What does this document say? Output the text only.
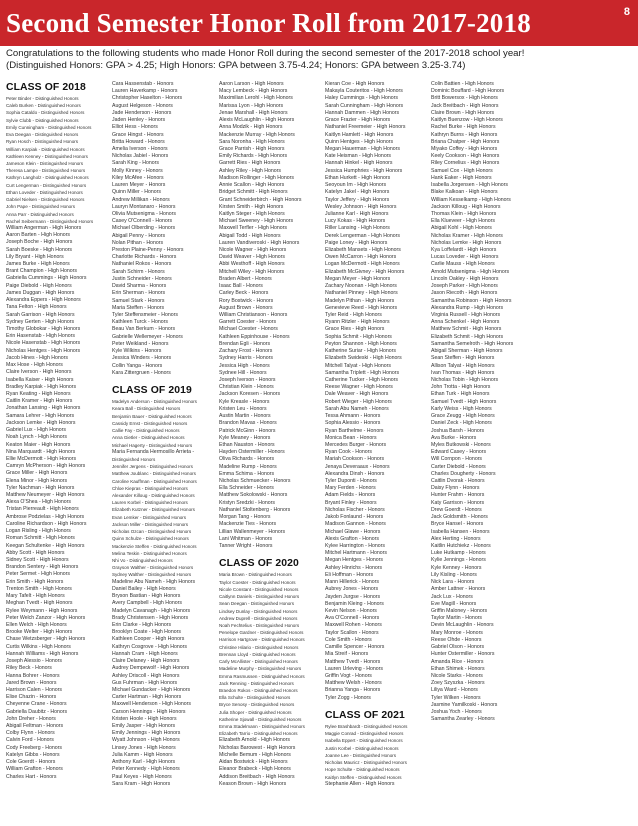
Second Semester Honor Roll from 2017-2018	8

Congratulations to the following students who made Honor Roll during the second semester of the 2017-2018 school year!

(Distinguished Honors: GPA > 4.25; High Honors: GPA between 3.75-4.24; Honors: GPA between 3.25-3.74)

CLASS OF 2018
Peter Binder - Distinguished Honors
Caleb Burken - Distinguished Honors
Sophia Cataldo - Distinguished Honors
Sylvie Clubb - Distinguished Honors
Emily Cunningham - Distinguished Honors
Eva Deegan - Distinguished Honors
Ryan Hosch - Distinguished Honors
William Karpiak - Distinguished Honors
Kathleen Kenney - Distinguished Honors
Jameson Klein - Distinguished Honors
Theresa Lampe - Distinguished Honors
Kathryn Langholz - Distinguished Honors
Curt Lengerman - Distinguished Honors
Ethan Loveder - Distinguished Honors
Gabriel Nielsen - Distinguished Honors
John Pape - Distinguished Honors
Anna Parr - Distinguished Honors
Rachel Seibermann - Distinguished Honors
William Angerman - High Honors
Aaron Barten - High Honors
Joseph Boche - High Honors
Sarah Boeske - High Honors
Lily Bryant - High Honors
James Burke - High Honors
Brant Champion - High Honors
Gabriella Cummings - High Honors
Paige Diebold - High Honors
James Duggan - High Honors
Alexandra Eppers - High Honors
Tana Felton - High Honors
Sarah Garrison - High Honors
Sydney Gerten - High Honors
Timothy Globokar - High Honors
Erin Hasenstab - High Honors
Nicole Hasenstab - High Honors
Nicholas Hentges - High Honors
Jacob Hines - High Honors
Max Hose - High Honors
Claire Iverson - High Honors
Isabella Kaiser - High Honors
Bradley Karpiak - High Honors
Ryan Keating - High Honors
Caitlin Kramer - High Honors
Jonathan Lansing - High Honors
Samara Lehrer - High Honors
Jackson Lemke - High Honors
Gabriel Lux - High Honors
Noah Lynch - High Honors
Keaton Maier - High Honors
Nina Marquardt - High Honors
Ellie McDermott - High Honors
Camryn McPherson - High Honors
Grace Miller - High Honors
Elena Minor - High Honors
Tyler Nachman - High Honors
Matthew Neumeyer - High Honors
Alexa O'Shea - High Honors
Tristan Pierreault - High Honors
Ambrose Podzielas - High Honors
Caroline Richardson - High Honors
Logan Risling - High Honors
Roman Schmitt - High Honors
Keegan Schultenke - High Honors
Abby Scott - High Honors
Sidney Scott - High Honors
Brandon Sentery - High Honors
Peter Sermet - High Honors
Erin Smith - High Honors
Trenton Smith - High Honors
Mary Tafelt - High Honors
Meghan Tvedt - High Honors
Rylee Weymann - High Honors
Peter Welch Zanzor - High Honors
Ellen Welch - High Honors
Brooke Welter - High Honors
Chase Wetzsberger - High Honors
Curtis Wilkins - High Honors
Hannah Williams - High Honors
Joseph Alessio - Honors
Riley Beck - Honors
Hanna Bohrer - Honors
Jared Brown - Honors
Harrison Calen - Honors
Elise Chazin - Honors
Cheyenne Crane - Honors
Gabriella Daubitz - Honors
John Dreher - Honors
Abigail Feltman - Honors
Colby Flynn - Honors
Calvin Ford - Honors
Cody Freeberg - Honors
Katelyn Gibbs - Honors
Cole Goerdt - Honors
William Grafton - Honors
Charles Hart - Honors
Cara Hassenstab - Honors
Lauren Haverkamp - Honors
Christopher Haselton - Honors
August Helgeson - Honors
Jade Henderson - Honors
Jaden Henley - Honors
Elliot Hess - Honors
Grace Hingst - Honors
Britta Howard - Honors
Amelia Iverson - Honors
Nicholas Jabiel - Honors
Sarah King - Honors
Molly Kinney - Honors
Kiley McAfee - Honors
Lauren Meyer - Honors
Quinn Miller - Honors
Andrew Millikan - Honors
Lauryn Montanaro - Honors
Olivia Mutsenigma - Honors
Casey O'Connell - Honors
Michael Olberding - Honors
Abigail Penny - Honors
Nolan Pithan - Honors
Preston Plaine-Penny - Honors
Charlotte Richards - Honors
Nathaniel Rokos - Honors
Sarah Schirm - Honors
Justin Schneider - Honors
David Sharma - Honors
Erin Sherman - Honors
Samuel Stark - Honors
Maria Steffen - Honors
Tyler Steffensmeier - Honors
Kathleen Turck - Honors
Beau Van Berkum - Honors
Gabrielle Wellemeyer - Honors
Peter Weikland - Honors
Kyle Wilkins - Honors
Jessica Winders - Honors
Collin Yanga - Honors
Kara Zittergruen - Honors
CLASS OF 2019
Madelyn Anderson - Distinguished Honors
Keara Ball - Distinguished Honors
Benjamin Bauer - Distinguished Honors
Cassidy Ernst - Distinguished Honors
Callie Fay - Distinguished Honors
Anna Gietler - Distinguished Honors
Michael Hagerty - Distinguished Honors
Maria Fernanda Hermosillo Arrieta -
Distinguished Honors
Jennifer Jergens - Distinguished Honors
Matthew Joublanc - Distinguished Honors
Caroline Kauffman - Distinguished Honors
Chloe Kiepras - Distinguished Honors
Alexander Killoug - Distinguished Honors
Lauren Korbel - Distinguished Honors
Elizabeth Kutzner - Distinguished Honors
Evan Lemker - Distinguished Honors
Jackson Miller - Distinguished Honors
Nicholas Ozcan - Distinguished Honors
Quinn Schulze - Distinguished Honors
Mackenzie Steffen - Distinguished Honors
Melina Teskin - Distinguished Honors
Nhi Vo - Distinguished Honors
Grayson Walther - Distinguished Honors
Sydney Walther - Distinguished Honors
Madeline Abu Nameh - High Honors
Daniel Bailey - High Honors
Bryson Bastian - High Honors
Avery Campbell - High Honors
Madelyn Cavanagh - High Honors
Brady Christensen - High Honors
Erin Clarke - High Honors
Brooklyn Coate - High Honors
Kathleen Cooper - High Honors
Kathryn Cosgrove - High Honors
Hannah Cram - High Honors
Claire Delaney - High Honors
Audrey Dempewolf - High Honors
Ashley Driscoll - High Honors
Gus Fuhrman - High Honors
Michael Gundacker - High Honors
Carter Hartman - High Honors
Maxwell Henderson - High Honors
Carson Hennings - High Honors
Kristen Hoole - High Honors
Emily Jasper - High Honors
Emily Jennings - High Honors
Wyatt Johnson - High Honors
Linsey Jones - High Honors
Julia Kamm - High Honors
Anthony Karl - High Honors
Peter Kennedy - High Honors
Paul Keyes - High Honors
Sara Kram - High Honors
Aaron Larson - High Honors
Macy Lembeck - High Honors
Maximilian Lerohl - High Honors
Marissa Lyon - High Honors
Jenae Marshall - High Honors
Alexis McLaughlin - High Honors
Anna Modzik - High Honors
Mackenzie Murray - High Honors
Sara Noronha - High Honors
Grace Parrish - High Honors
Emily Richards - High Honors
Garrett Ries - High Honors
Ashley Riley - High Honors
Madison Rollinger - High Honors
Annie Scallon - High Honors
Bridget Schmitt - High Honors
Grant Schneiderbirch - High Honors
Kirsten Smith - High Honors
Kaitlyn Steger - High Honors
Michael Sweeney - High Honors
Maxwell Terfler - High Honors
Abigail Todd - High Honors
Lauren Vandiveroski - High Honors
Nicole Wagner - High Honors
David Weaver - High Honors
Abbi Westhoff - High Honors
Mitchell Wiley - High Honors
Braden Albert - Honors
Isaac Ball - Honors
Carley Beck - Honors
Rory Bostwick - Honors
August Brown - Honors
William Christianson - Honors
Garrett Coester - Honors
Michael Coester - Honors
Kathleen Eppinhouse - Honors
Brendan Egli - Honors
Zachary Frost - Honors
Sydney Harris - Honors
Jessica High - Honors
Sydnee Hill - Honors
Joseph Iverson - Honors
Christian Klein - Honors
Jackson Koresen - Honors
Kyle Kreasle - Honors
Kristen Leu - Honors
Austin Martin - Honors
Brandon Mavas - Honors
Patrick McGinn - Honors
Kyle Meaney - Honors
Ethan Nauston - Honors
Hayden Ostermiller - Honors
Oliva Richards - Honors
Madeline Rump - Honors
Emma Schima - Honors
Nicholas Schmuecker - Honors
Ella Schneider - Honors
Matthew Sokolowski - Honors
Kristyn Sredzki - Honors
Nathaniel Stoltenberg - Honors
Morgan Tang - Honors
Mackenzie Ties - Honors
Lillian Wallenmeyer - Honors
Lani Whitman - Honors
Tanner Wright - Honors
CLASS OF 2020
Maria Brown - Distinguished Honors
Taylor Coester - Distinguished Honors
Nicole Constant - Distinguished Honors
Caitlynn Daniels - Distinguished Honors
Sean Deegan - Distinguished Honors
Lindsey Dunlay - Distinguished Honors
Andrew Duprell - Distinguished Honors
Noah Fechtelius - Distinguished Honors
Penelope Gardner - Distinguished Honors
Harrison Hartgrove - Distinguished Honors
Christine Hilario - Distinguished Honors
Brennan Lloyd - Distinguished Honors
Carly McAllister - Distinguished Honors
Madeline Murphy - Distinguished Honors
Emma Rasmussen - Distinguished Honors
Jack Renning - Distinguished Honors
Braedon Rokos - Distinguished Honors
Ella Schulte - Distinguished Honors
Bryce Senosy - Distinguished Honors
Julia Shoper - Distinguished Honors
Katherine Sjowall - Distinguished Honors
Emma Stadelmann - Distinguished Honors
Elizabeth Tarrio - Distinguished Honors
Elizabeth Arnold - High Honors
Nicholas Barowest - High Honors
Michelle Bemum - High Honors
Aidan Bostwick - High Honors
Eleanor Brabeck - High Honors
Addison Breitbach - High Honors
Keason Brown - High Honors
Kieran Coe - High Honors
Makayla Couteritos - High Honors
Haley Cummings - High Honors
Sarah Cunningham - High Honors
Hannah Dammen - High Honors
Grace Frazier - High Honors
Nathaniel Freemeier - High Honors
Kaitlyn Hamlett - High Honors
Quinn Hentges - High Honors
Megan Hauerman - High Honors
Kate Heisman - High Honors
Hannah Hinkel - High Honors
Jessica Humphries - High Honors
Ethan Hurkett - High Honors
Seoyoun Im - High Honors
Katelyn Jakel - High Honors
Taylor Jeffery - High Honors
Wesley Johnson - High Honors
Julianne Karl - High Honors
Lucy Kokas - High Honors
Riller Lansing - High Honors
Derek Lengerman - High Honors
Paige Loney - High Honors
Elizabeth Mansets - High Honors
Owen McCarron - High Honors
Logan McDermott - High Honors
Elizabeth McGivney - High Honors
Megan Meyer - High Honors
Zachary Noonan - High Honors
Nathaniel Pinney - High Honors
Madelyn Pithan - High Honors
Genevieve Reed - High Honors
Tyler Reid - High Honors
Ryann Ritzler - High Honors
Grace Ries - High Honors
Sophia Schmit - High Honors
Peyton Shannon - High Honors
Katherine Suriar - High Honors
Elizabeth Swideski - High Honors
Mitchell Talyat - High Honors
Samantha Triplett - High Honors
Catherine Tucker - High Honors
Reese Wagner - High Honors
Dale Weaver - High Honors
Robert Wieger - High Honors
Sarah Abu Nameh - Honors
Tessa Ahmann - Honors
Sophia Alessio - Honors
Ryan Barthelme - Honors
Monica Bean - Honors
Mercedes Burger - Honors
Ryan Cook - Honors
Mariah Cookson - Honors
Jenaya Deveraaux - Honors
Alexandra Dinsh - Honors
Tyler Duponti - Honors
Mary Ferden - Honors
Adam Fields - Honors
Bryant Finley - Honors
Nicholas Fischer - Honors
Jakob Fonlaund - Honors
Madison Gannon - Honors
Michael Glawe - Honors
Alexis Grafton - Honors
Kylee Harrington - Honors
Mitchel Hartmann - Honors
Megan Hentges - Honors
Ashley Hinrichs - Honors
Eli Hoffman - Honors
Mann Hillerick - Honors
Aubrey Jones - Honors
Jayden Jurgse - Honors
Benjamin Kleing - Honors
Kevin Nelson - Honors
Ava O'Connell - Honors
Maxwell Rohen - Honors
Taylor Scallon - Honors
Cole Smith - Honors
Camille Spencer - Honors
Mia Streif - Honors
Matthew Tvedt - Honors
Lauren Urleving - Honors
Griffin Vogt - Honors
Matthew Welsh - Honors
Brianna Yanga - Honors
Tyler Zogg - Honors
CLASS OF 2021
Rylee Brashbardt - Distinguished Honors
Maggie Conrad - Distinguished Honors
Isabella Eppert - Distinguished Honors
Justin Korbel - Distinguished Honors
Joanne Lee - Distinguished Honors
Nicholas Mauricz - Distinguished Honors
Hope Schulte - Distinguished Honors
Kaitlyn Steffen - Distinguished Honors
Stephanie Allen - High Honors
Colin Battien - High Honors
Dominic Bouffard - High Honors
Britt Bowersox - High Honors
Jack Breitbach - High Honors
Claire Brown - High Honors
Kaitlyn Buenzow - High Honors
Rachel Burke - High Honors
Kathryn Burns - High Honors
Briana Chatper - High Honors
Miyako Coffey - High Honors
Keely Cookson - High Honors
Riley Cornelius - High Honors
Samuel Cox - High Honors
Hank Eaker - High Honors
Isabella Jorgensen - High Honors
Blake Kalkoan - High Honors
William Kesselkamp - High Honors
Jackson Killoug - High Honors
Thomas Klein - High Honors
Ella Klueveer - High Honors
Abigail Kohl - High Honors
Nicholas Kramer - High Honors
Nicholas Lemke - High Honors
Kya Loffelardt - High Honors
Lucas Loveder - High Honors
Carlie Mauss - High Honors
Arnold Mutsenigma - High Honors
Lincoln Oakley - High Honors
Joseph Parker - High Honors
Jason Riecoth - High Honors
Samantha Robinson - High Honors
Alexandra Rump - High Honors
Virginia Russell - High Honors
Anna Schenkel - High Honors
Matthew Schmit - High Honors
Elizabeth Schmit - High Honors
Samantha Semelroth - High Honors
Abigail Sherman - High Honors
Sean Steffen - High Honors
Allison Talyat - High Honors
Ivan Thomas - High Honors
Nicholas Tobin - High Honors
John Trotta - High Honors
Ethan Turk - High Honors
Samuel Tvedt - High Honors
Karly Weiss - High Honors
Grace Zeugg - High Honors
Daniel Zeck - High Honors
Joshua Barsh - Honors
Ava Burke - Honors
Myles Butkowski - Honors
Edward Casey - Honors
Will Cornpon - Honors
Carter Diebold - Honors
Charles Dougherty - Honors
Caitlin Dvorak - Honors
Daisy Flynn - Honors
Hunter Frahm - Honors
Katy Garrison - Honors
Drew Goerdt - Honors
Jack Goldsmith - Honors
Bryce Hansel - Honors
Isabella Hansen - Honors
Alex Herting - Honors
Kaitlin Hutchiekz - Honors
Luke Hutkamp - Honors
Kylie Jennings - Honors
Kyle Kenney - Honors
Lily Kisling - Honors
Nick Lara - Honors
Amber Lattner - Honors
Jack Lux - Honors
Eve Magill - Honors
Griffin Maloney - Honors
Taylor Martin - Honors
Devin McLaughlin - Honors
Mary Monroe - Honors
Reese Ohde - Honors
Gabriel Olson - Honors
Hunter Ostermiller - Honors
Amanda Rice - Honors
Ethan Shimek - Honors
Nicole Starks - Honors
Zoey Szyszka - Honors
Liliya Ward - Honors
Tyler Wilken - Honors
Jasmine Yamilkoski - Honors
Joshua Yoch - Honors
Samantha Zearley - Honors
